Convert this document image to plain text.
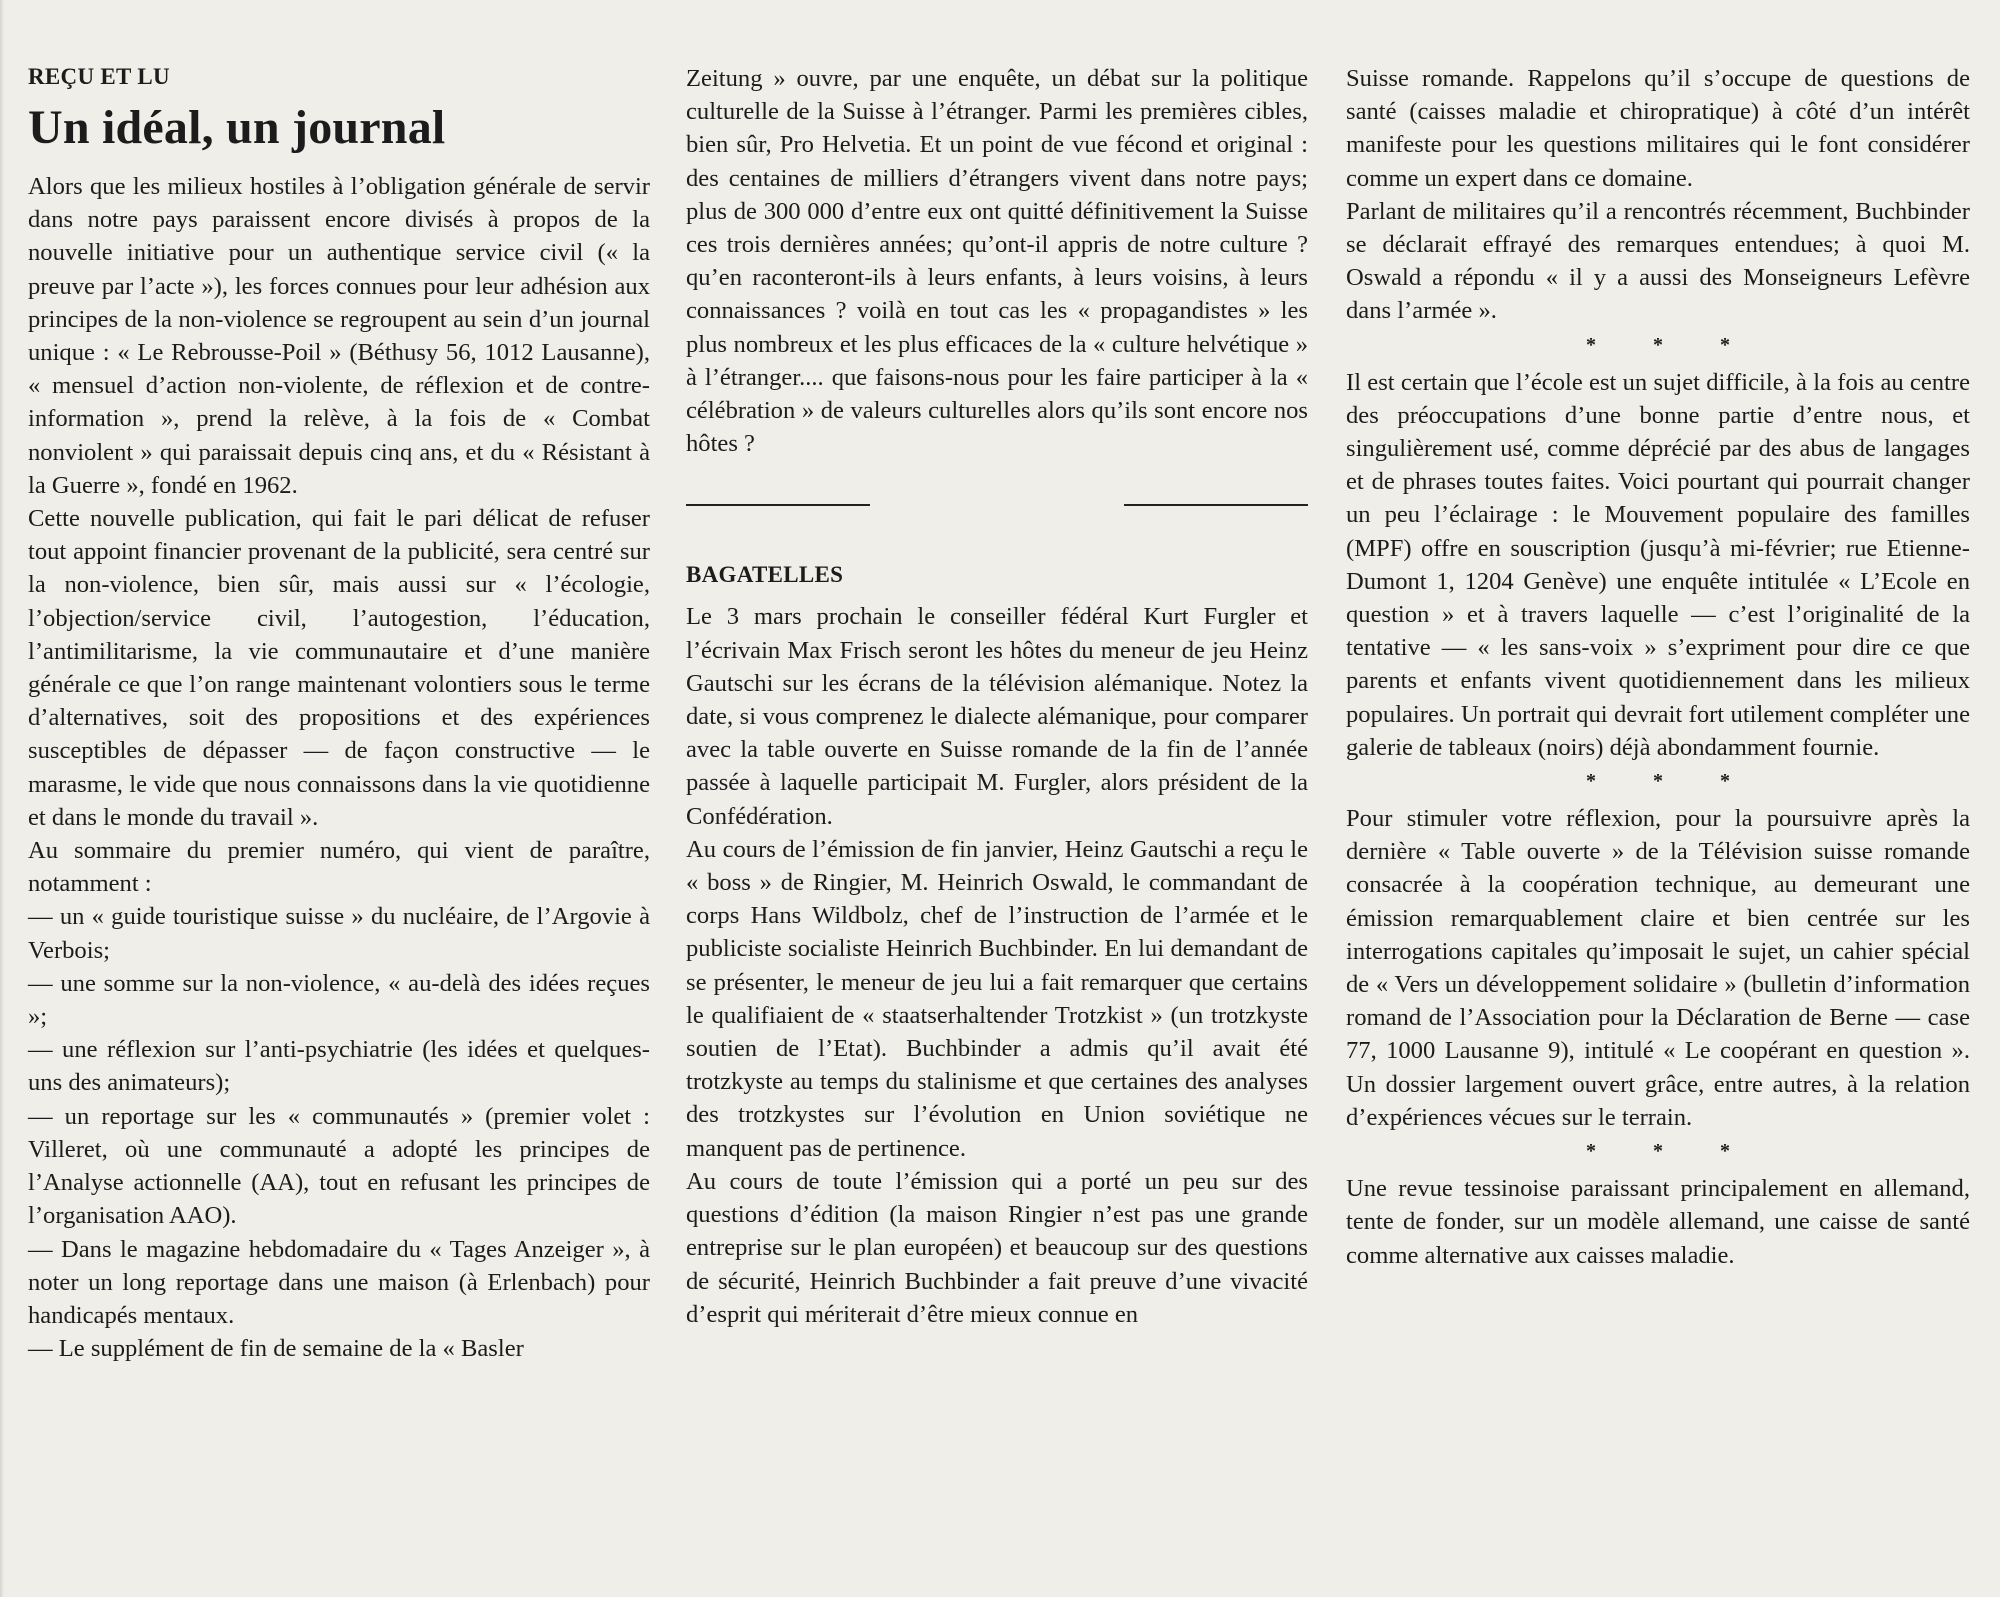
REÇU ET LU
Un idéal, un journal

Alors que les milieux hostiles à l’obligation générale de servir dans notre pays paraissent encore divisés à propos de la nouvelle initiative pour un authentique service civil (« la preuve par l’acte »), les forces connues pour leur adhésion aux principes de la non-violence se regroupent au sein d’un journal unique : « Le Rebrousse-Poil » (Béthusy 56, 1012 Lausanne), « mensuel d’action non-violente, de réflexion et de contre-information », prend la relève, à la fois de « Combat nonviolent » qui paraissait depuis cinq ans, et du « Résistant à la Guerre », fondé en 1962.

Cette nouvelle publication, qui fait le pari délicat de refuser tout appoint financier provenant de la publicité, sera centré sur la non-violence, bien sûr, mais aussi sur « l’écologie, l’objection/service civil, l’autogestion, l’éducation, l’antimilitarisme, la vie communautaire et d’une manière générale ce que l’on range maintenant volontiers sous le terme d’alternatives, soit des propositions et des expériences susceptibles de dépasser — de façon constructive — le marasme, le vide que nous connaissons dans la vie quotidienne et dans le monde du travail ».

Au sommaire du premier numéro, qui vient de paraître, notamment :

— un « guide touristique suisse » du nucléaire, de l’Argovie à Verbois;

— une somme sur la non-violence, « au-delà des idées reçues »;

— une réflexion sur l’anti-psychiatrie (les idées et quelques-uns des animateurs);

— un reportage sur les « communautés » (premier volet : Villeret, où une communauté a adopté les principes de l’Analyse actionnelle (AA), tout en refusant les principes de l’organisation AAO).

— Dans le magazine hebdomadaire du « Tages Anzeiger », à noter un long reportage dans une maison (à Erlenbach) pour handicapés mentaux.

— Le supplément de fin de semaine de la « Basler

Zeitung » ouvre, par une enquête, un débat sur la politique culturelle de la Suisse à l’étranger. Parmi les premières cibles, bien sûr, Pro Helvetia. Et un point de vue fécond et original : des centaines de milliers d’étrangers vivent dans notre pays; plus de 300 000 d’entre eux ont quitté définitivement la Suisse ces trois dernières années; qu’ont-il appris de notre culture ? qu’en raconteront-ils à leurs enfants, à leurs voisins, à leurs connaissances ? voilà en tout cas les « propagandistes » les plus nombreux et les plus efficaces de la « culture helvétique » à l’étranger.... que faisons-nous pour les faire participer à la « célébration » de valeurs culturelles alors qu’ils sont encore nos hôtes ?

BAGATELLES

Le 3 mars prochain le conseiller fédéral Kurt Furgler et l’écrivain Max Frisch seront les hôtes du meneur de jeu Heinz Gautschi sur les écrans de la télévision alémanique. Notez la date, si vous comprenez le dialecte alémanique, pour comparer avec la table ouverte en Suisse romande de la fin de l’année passée à laquelle participait M. Furgler, alors président de la Confédération.

Au cours de l’émission de fin janvier, Heinz Gautschi a reçu le « boss » de Ringier, M. Heinrich Oswald, le commandant de corps Hans Wildbolz, chef de l’instruction de l’armée et le publiciste socialiste Heinrich Buchbinder. En lui demandant de se présenter, le meneur de jeu lui a fait remarquer que certains le qualifiaient de « staatserhaltender Trotzkist » (un trotzkyste soutien de l’Etat). Buchbinder a admis qu’il avait été trotzkyste au temps du stalinisme et que certaines des analyses des trotzkystes sur l’évolution en Union soviétique ne manquent pas de pertinence.

Au cours de toute l’émission qui a porté un peu sur des questions d’édition (la maison Ringier n’est pas une grande entreprise sur le plan européen) et beaucoup sur des questions de sécurité, Heinrich Buchbinder a fait preuve d’une vivacité d’esprit qui mériterait d’être mieux connue en

Suisse romande. Rappelons qu’il s’occupe de questions de santé (caisses maladie et chiropratique) à côté d’un intérêt manifeste pour les questions militaires qui le font considérer comme un expert dans ce domaine.

Parlant de militaires qu’il a rencontrés récemment, Buchbinder se déclarait effrayé des remarques entendues; à quoi M. Oswald a répondu « il y a aussi des Monseigneurs Lefèvre dans l’armée ».

* * *

Il est certain que l’école est un sujet difficile, à la fois au centre des préoccupations d’une bonne partie d’entre nous, et singulièrement usé, comme déprécié par des abus de langages et de phrases toutes faites. Voici pourtant qui pourrait changer un peu l’éclairage : le Mouvement populaire des familles (MPF) offre en souscription (jusqu’à mi-février; rue Etienne-Dumont 1, 1204 Genève) une enquête intitulée « L’Ecole en question » et à travers laquelle — c’est l’originalité de la tentative — « les sans-voix » s’expriment pour dire ce que parents et enfants vivent quotidiennement dans les milieux populaires. Un portrait qui devrait fort utilement compléter une galerie de tableaux (noirs) déjà abondamment fournie.

* * *

Pour stimuler votre réflexion, pour la poursuivre après la dernière « Table ouverte » de la Télévision suisse romande consacrée à la coopération technique, au demeurant une émission remarquablement claire et bien centrée sur les interrogations capitales qu’imposait le sujet, un cahier spécial de « Vers un développement solidaire » (bulletin d’information romand de l’Association pour la Déclaration de Berne — case 77, 1000 Lausanne 9), intitulé « Le coopérant en question ». Un dossier largement ouvert grâce, entre autres, à la relation d’expériences vécues sur le terrain.

* * *

Une revue tessinoise paraissant principalement en allemand, tente de fonder, sur un modèle allemand, une caisse de santé comme alternative aux caisses maladie.
